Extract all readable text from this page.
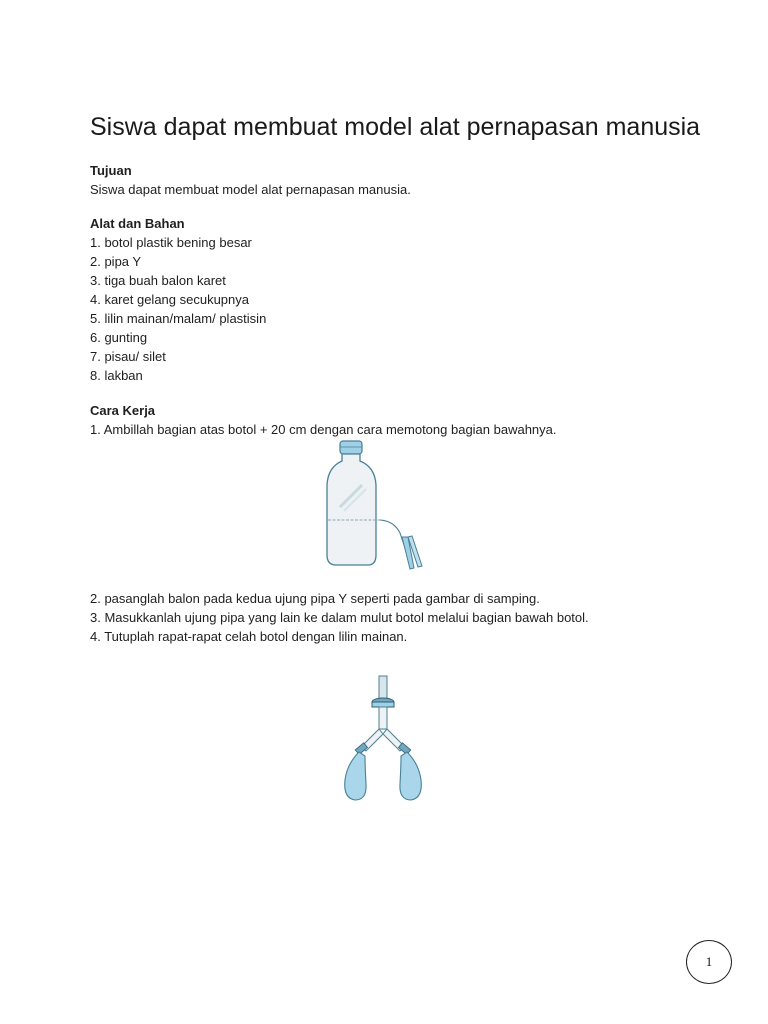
Siswa dapat membuat model alat pernapasan manusia
Tujuan
Siswa dapat membuat model alat pernapasan manusia.
Alat dan Bahan
1. botol plastik bening besar
2. pipa Y
3. tiga buah balon karet
4. karet gelang secukupnya
5. lilin mainan/malam/ plastisin
6. gunting
7. pisau/ silet
8. lakban
Cara Kerja
1. Ambillah bagian atas botol + 20 cm dengan cara memotong bagian bawahnya.
2. pasanglah balon pada kedua ujung pipa Y seperti pada gambar di samping.
3. Masukkanlah ujung pipa yang lain ke dalam mulut botol melalui bagian bawah botol.
4. Tutuplah rapat-rapat celah botol dengan lilin mainan.
1
